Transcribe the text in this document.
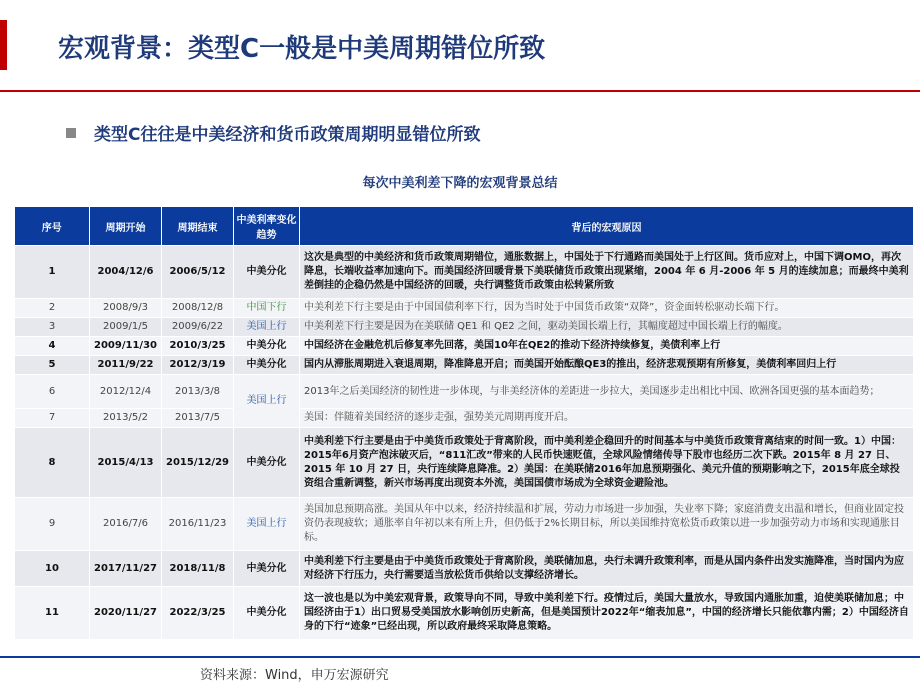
宏观背景：类型C一般是中美周期错位所致
类型C往往是中美经济和货币政策周期明显错位所致
每次中美利差下降的宏观背景总结
序号	周期开始	周期结束	中美利率变化趋势	背后的宏观原因
1	2004/12/6	2006/5/12	中美分化	这次是典型的中美经济和货币政策周期错位，通胀数据上，中国处于下行通路而美国处于上行区间。货币应对上，中国下调OMO，再次降息，长端收益率加速向下。而美国经济回暖背景下美联储货币政策出现紧缩，2004 年 6 月-2006 年 5 月的连续加息；而最终中美利差倒挂的企稳仍然是中国经济的回暖，央行调整货币政策由松转紧所致
2	2008/9/3	2008/12/8	中国下行	中美利差下行主要是由于中国国债利率下行，因为当时处于中国货币政策“双降”，资金面转松驱动长端下行。
3	2009/1/5	2009/6/22	美国上行	中美利差下行主要是因为在美联储 QE1 和 QE2 之间，驱动美国长端上行，其幅度超过中国长端上行的幅度。
4	2009/11/30	2010/3/25	中美分化	中国经济在金融危机后修复率先回落，美国10年在QE2的推动下经济持续修复，美债利率上行
5	2011/9/22	2012/3/19	中美分化	国内从滞胀周期进入衰退周期，降准降息开启；而美国开始酝酿QE3的推出，经济悲观预期有所修复，美债利率回归上行
6	2012/12/4	2013/3/8	美国上行	2013年之后美国经济的韧性进一步体现，与非美经济体的差距进一步拉大，美国逐步走出相比中国、欧洲各国更强的基本面趋势；
7	2013/5/2	2013/7/5		美国：伴随着美国经济的逐步走强，强势美元周期再度开启。
8	2015/4/13	2015/12/29	中美分化	中美利差下行主要是由于中美货币政策处于背离阶段，而中美利差企稳回升的时间基本与中美货币政策背离结束的时间一致。1）中国：2015年6月资产泡沫破灭后，“811汇改”带来的人民币快速贬值，全球风险情绪传导下股市也经历二次下跌。2015年 8 月 27 日、2015 年 10 月 27 日，央行连续降息降准。2）美国：在美联储2016年加息预期强化、美元升值的预期影响之下，2015年底全球投资组合重新调整，新兴市场再度出现资本外流，美国国债市场成为全球资金避险池。
9	2016/7/6	2016/11/23	美国上行	美国加息预期高涨。美国从年中以来，经济持续温和扩展，劳动力市场进一步加强，失业率下降；家庭消费支出温和增长，但商业固定投资仍表现疲软；通胀率自年初以来有所上升，但仍低于2%长期目标，所以美国维持宽松货币政策以进一步加强劳动力市场和实现通胀目标。
10	2017/11/27	2018/11/8	中美分化	中美利差下行主要是由于中美货币政策处于背离阶段，美联储加息，央行未调升政策利率，而是从国内条件出发实施降准，当时国内为应对经济下行压力，央行需要适当放松货币供给以支撑经济增长。
11	2020/11/27	2022/3/25	中美分化	这一波也是以为中美宏观背景，政策导向不同，导致中美利差下行。疫情过后，美国大量放水，导致国内通胀加重，迫使美联储加息；中国经济由于1）出口贸易受美国放水影响创历史新高，但是美国预计2022年“缩表加息”，中国的经济增长只能依靠内需；2）中国经济自身的下行“迹象”已经出现，所以政府最终采取降息策略。
资料来源：Wind，申万宏源研究
